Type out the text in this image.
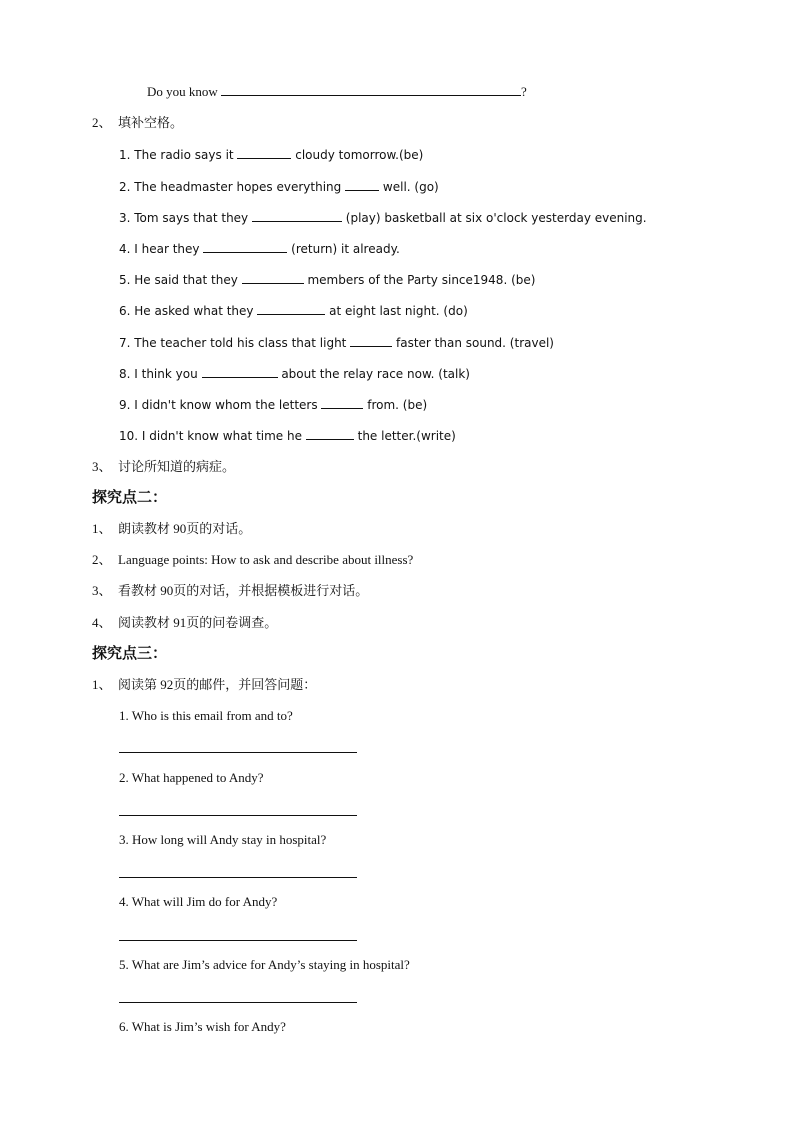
Do you know	?
2、 填补空格。
1. The radio says it	cloudy tomorrow.(be)
2. The headmaster hopes everything	well. (go)
3. Tom says that they	(play) basketball at six o'clock yesterday evening.
4. I hear they	(return) it already.
5. He said that they	members of the Party since1948. (be)
6. He asked what they	at eight last night. (do)
7. The teacher told his class that light	faster than sound. (travel)
8. I think you	about the relay race now. (talk)
9. I didn't know whom the letters	from. (be)
10. I didn't know what time he	the letter.(write)
3、 讨论所知道的病症。
探究点二：
1、 朗读教材 90页的对话。
2、 Language points: How to ask and describe about illness?
3、 看教材 90页的对话，并根据模板进行对话。
4、 阅读教材 91页的问卷调查。
探究点三：
1、 阅读第 92页的邮件，并回答问题：
1. Who is this email from and to?
2. What happened to Andy?
3. How long will Andy stay in hospital?
4. What will Jim do for Andy?
5. What are Jim’s advice for Andy’s staying in hospital?
6. What is Jim’s wish for Andy?
